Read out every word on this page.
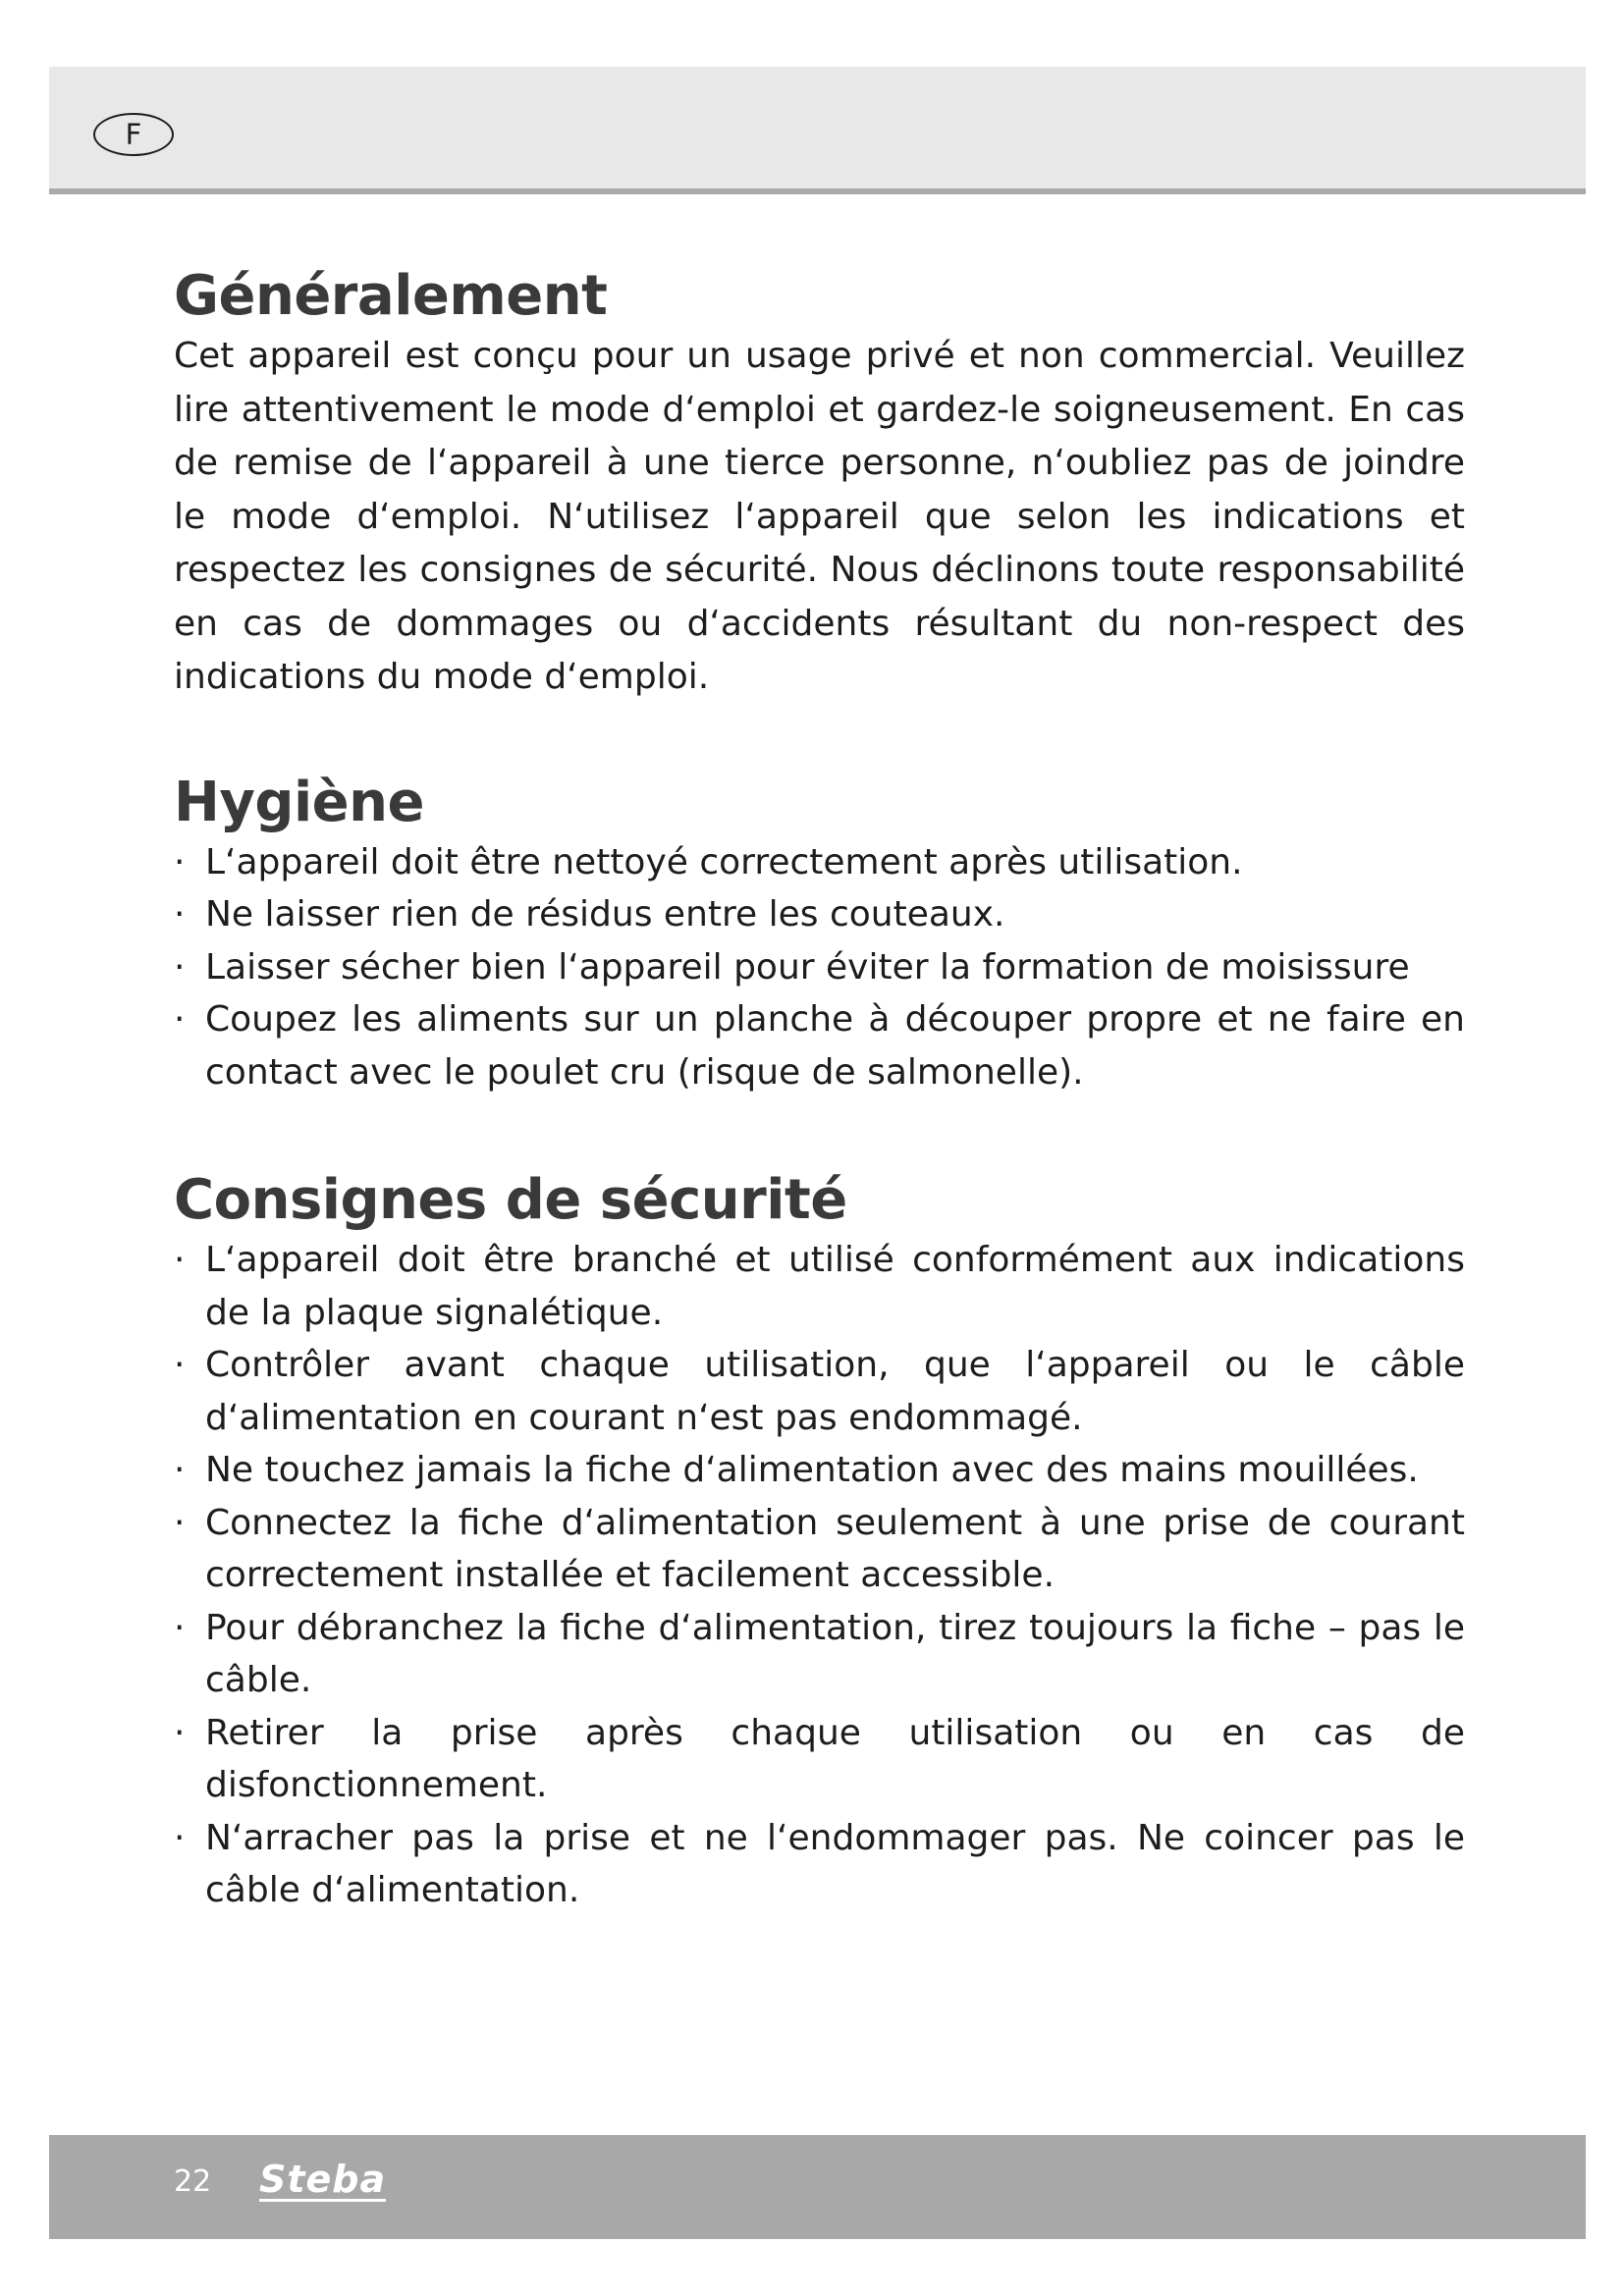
F
Généralement

Cet appareil est conçu pour un usage privé et non commercial. Veuillez lire attentivement le mode d‘emploi et gardez-le soigneusement. En cas de remise de l‘appareil à une tierce personne, n‘oubliez pas de joindre le mode d‘emploi. N‘utilisez l‘appareil que selon les indications et respectez les consignes de sécurité. Nous déclinons toute responsabilité en cas de dommages ou d‘accidents résultant du non-respect des indications du mode d‘emploi.

Hygiène
· L‘appareil doit être nettoyé correctement après utilisation.
· Ne laisser rien de résidus entre les couteaux.
· Laisser sécher bien l‘appareil pour éviter la formation de moisissure
· Coupez les aliments sur un planche à découper propre et ne faire en contact avec le poulet cru (risque de salmonelle).
Consignes de sécurité
· L‘appareil doit être branché et utilisé conformément aux indications de la plaque signalétique.
· Contrôler avant chaque utilisation, que l‘appareil ou le câble d‘alimentation en courant n‘est pas endommagé.
· Ne touchez jamais la fiche d‘alimentation avec des mains mouillées.
· Connectez la fiche d‘alimentation seulement à une prise de courant correctement installée et facilement accessible.
· Pour débranchez la fiche d‘alimentation, tirez toujours la fiche – pas le câble.
· Retirer la prise après chaque utilisation ou en cas de disfonctionnement.
· N‘arracher pas la prise et ne l‘endommager pas. Ne coincer pas le câble d‘alimentation.
22 Steba
